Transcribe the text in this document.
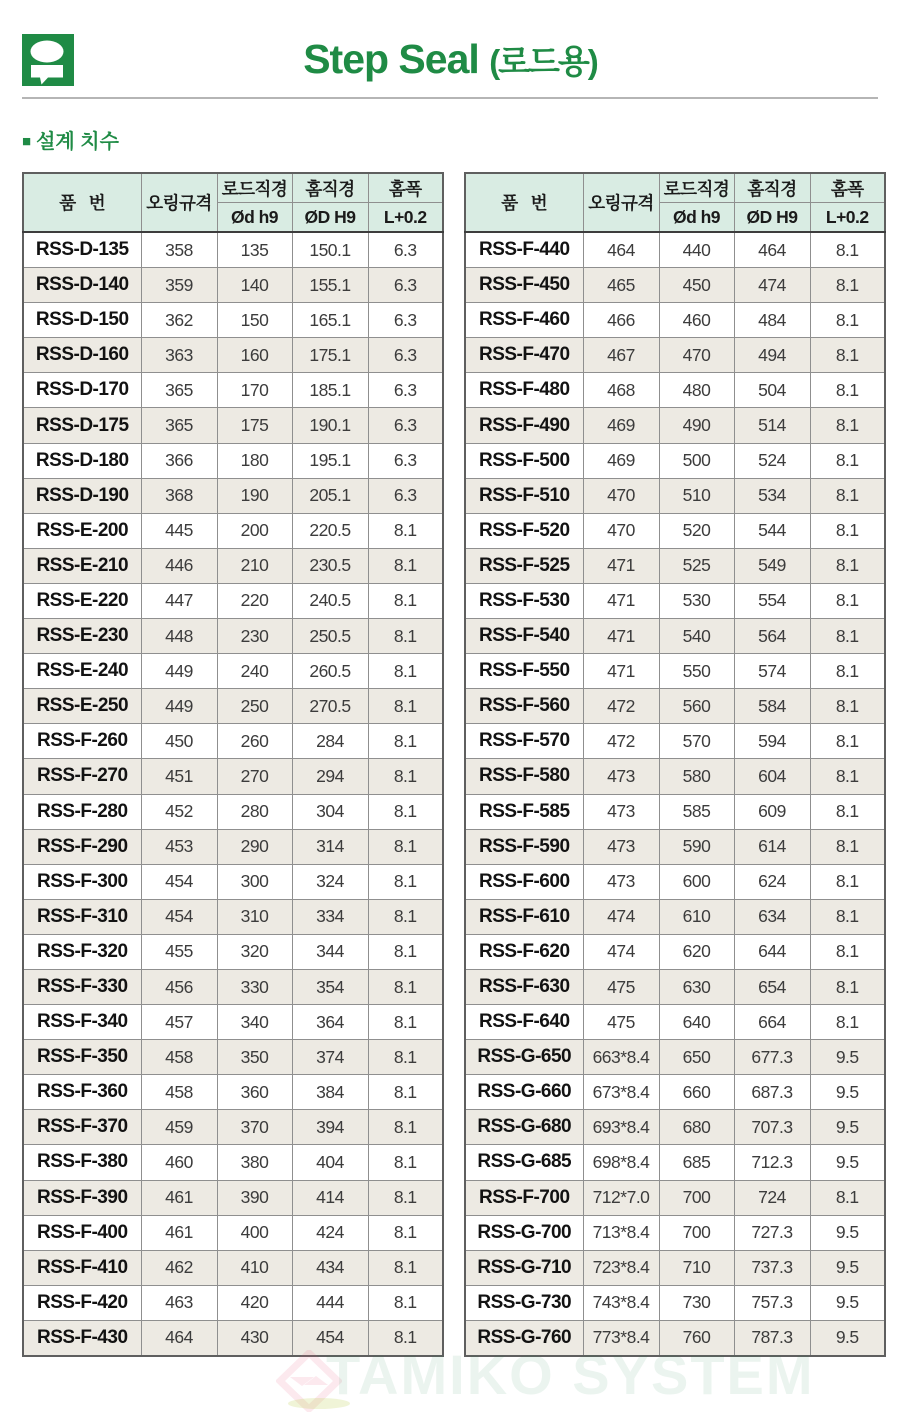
Step Seal (로드용)
■ 설계 치수
품   번	오링규격	로드직경	홈직경	홈폭
		Ød h9	ØD H9	L+0.2
RSS-D-135	358	135	150.1	6.3
RSS-D-140	359	140	155.1	6.3
RSS-D-150	362	150	165.1	6.3
RSS-D-160	363	160	175.1	6.3
RSS-D-170	365	170	185.1	6.3
RSS-D-175	365	175	190.1	6.3
RSS-D-180	366	180	195.1	6.3
RSS-D-190	368	190	205.1	6.3
RSS-E-200	445	200	220.5	8.1
RSS-E-210	446	210	230.5	8.1
RSS-E-220	447	220	240.5	8.1
RSS-E-230	448	230	250.5	8.1
RSS-E-240	449	240	260.5	8.1
RSS-E-250	449	250	270.5	8.1
RSS-F-260	450	260	284	8.1
RSS-F-270	451	270	294	8.1
RSS-F-280	452	280	304	8.1
RSS-F-290	453	290	314	8.1
RSS-F-300	454	300	324	8.1
RSS-F-310	454	310	334	8.1
RSS-F-320	455	320	344	8.1
RSS-F-330	456	330	354	8.1
RSS-F-340	457	340	364	8.1
RSS-F-350	458	350	374	8.1
RSS-F-360	458	360	384	8.1
RSS-F-370	459	370	394	8.1
RSS-F-380	460	380	404	8.1
RSS-F-390	461	390	414	8.1
RSS-F-400	461	400	424	8.1
RSS-F-410	462	410	434	8.1
RSS-F-420	463	420	444	8.1
RSS-F-430	464	430	454	8.1
품   번	오링규격	로드직경	홈직경	홈폭
		Ød h9	ØD H9	L+0.2
RSS-F-440	464	440	464	8.1
RSS-F-450	465	450	474	8.1
RSS-F-460	466	460	484	8.1
RSS-F-470	467	470	494	8.1
RSS-F-480	468	480	504	8.1
RSS-F-490	469	490	514	8.1
RSS-F-500	469	500	524	8.1
RSS-F-510	470	510	534	8.1
RSS-F-520	470	520	544	8.1
RSS-F-525	471	525	549	8.1
RSS-F-530	471	530	554	8.1
RSS-F-540	471	540	564	8.1
RSS-F-550	471	550	574	8.1
RSS-F-560	472	560	584	8.1
RSS-F-570	472	570	594	8.1
RSS-F-580	473	580	604	8.1
RSS-F-585	473	585	609	8.1
RSS-F-590	473	590	614	8.1
RSS-F-600	473	600	624	8.1
RSS-F-610	474	610	634	8.1
RSS-F-620	474	620	644	8.1
RSS-F-630	475	630	654	8.1
RSS-F-640	475	640	664	8.1
RSS-G-650	663*8.4	650	677.3	9.5
RSS-G-660	673*8.4	660	687.3	9.5
RSS-G-680	693*8.4	680	707.3	9.5
RSS-G-685	698*8.4	685	712.3	9.5
RSS-F-700	712*7.0	700	724	8.1
RSS-G-700	713*8.4	700	727.3	9.5
RSS-G-710	723*8.4	710	737.3	9.5
RSS-G-730	743*8.4	730	757.3	9.5
RSS-G-760	773*8.4	760	787.3	9.5
TAMIKO SYSTEM
